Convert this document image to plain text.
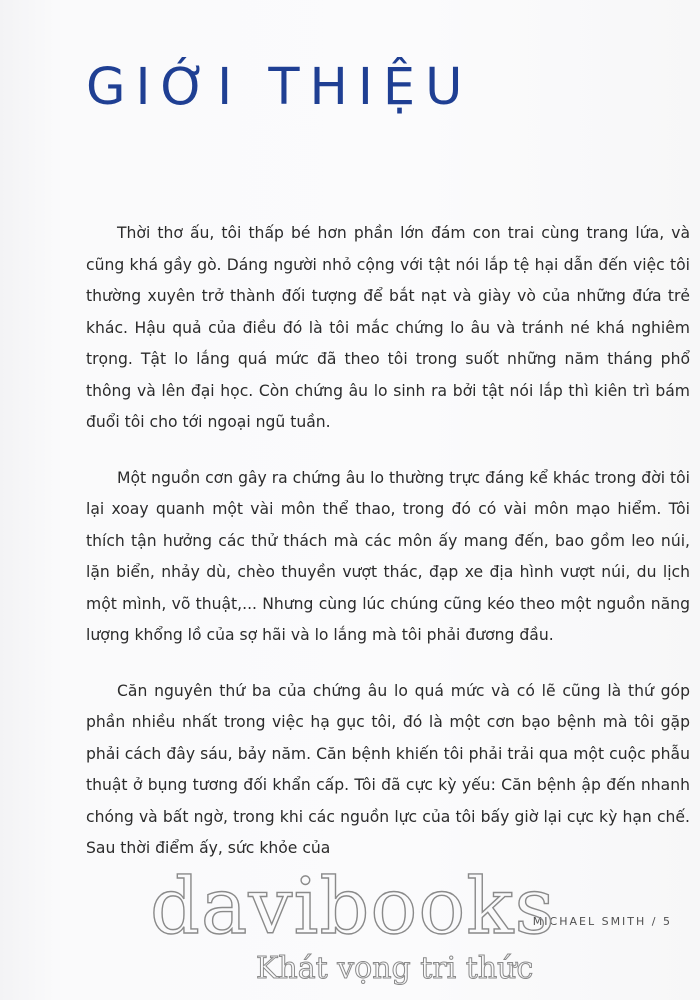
GIỚI THIỆU

Thời thơ ấu, tôi thấp bé hơn phần lớn đám con trai cùng trang lứa, và cũng khá gầy gò. Dáng người nhỏ cộng với tật nói lắp tệ hại dẫn đến việc tôi thường xuyên trở thành đối tượng để bắt nạt và giày vò của những đứa trẻ khác. Hậu quả của điều đó là tôi mắc chứng lo âu và tránh né khá nghiêm trọng. Tật lo lắng quá mức đã theo tôi trong suốt những năm tháng phổ thông và lên đại học. Còn chứng âu lo sinh ra bởi tật nói lắp thì kiên trì bám đuổi tôi cho tới ngoại ngũ tuần.

Một nguồn cơn gây ra chứng âu lo thường trực đáng kể khác trong đời tôi lại xoay quanh một vài môn thể thao, trong đó có vài môn mạo hiểm. Tôi thích tận hưởng các thử thách mà các môn ấy mang đến, bao gồm leo núi, lặn biển, nhảy dù, chèo thuyền vượt thác, đạp xe địa hình vượt núi, du lịch một mình, võ thuật,... Nhưng cùng lúc chúng cũng kéo theo một nguồn năng lượng khổng lồ của sợ hãi và lo lắng mà tôi phải đương đầu.

Căn nguyên thứ ba của chứng âu lo quá mức và có lẽ cũng là thứ góp phần nhiều nhất trong việc hạ gục tôi, đó là một cơn bạo bệnh mà tôi gặp phải cách đây sáu, bảy năm. Căn bệnh khiến tôi phải trải qua một cuộc phẫu thuật ở bụng tương đối khẩn cấp. Tôi đã cực kỳ yếu: Căn bệnh ập đến nhanh chóng và bất ngờ, trong khi các nguồn lực của tôi bấy giờ lại cực kỳ hạn chế. Sau thời điểm ấy, sức khỏe của

MICHAEL SMITH / 5
davibooks
Khát vọng tri thức
